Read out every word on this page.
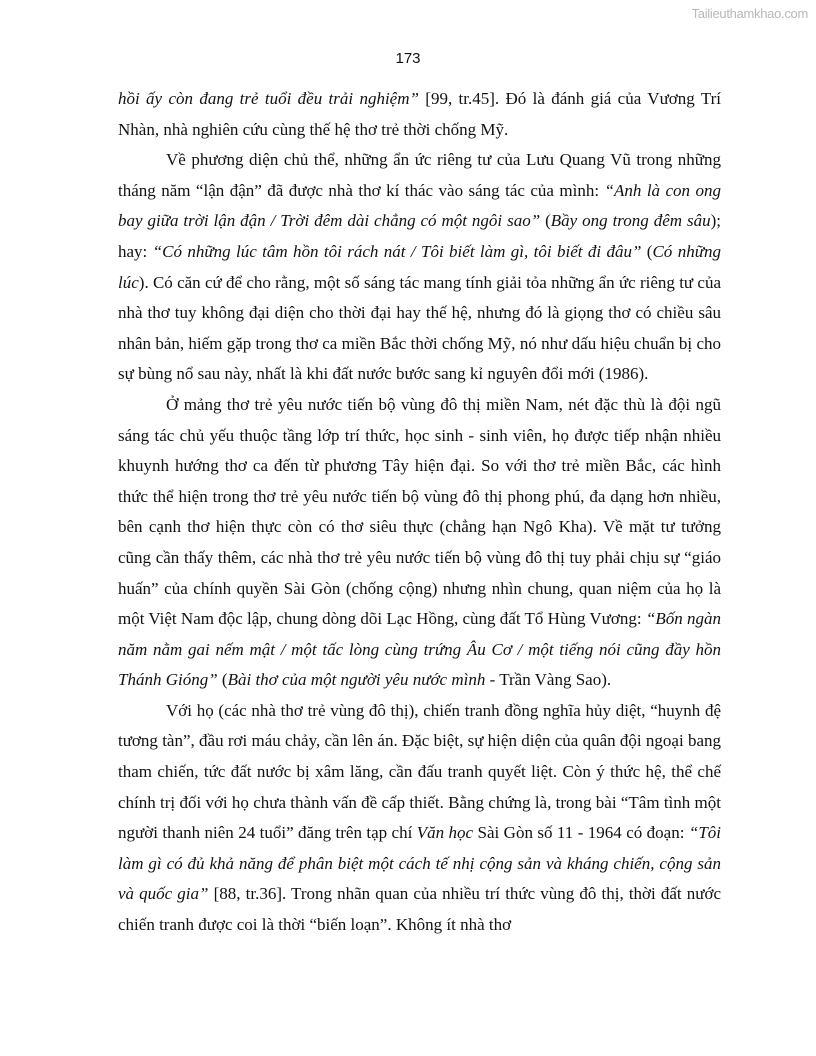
Tailieuthamkhao.com
173

hồi ấy còn đang trẻ tuổi đều trải nghiệm” [99, tr.45]. Đó là đánh giá của Vương Trí Nhàn, nhà nghiên cứu cùng thế hệ thơ trẻ thời chống Mỹ.

Về phương diện chủ thể, những ẩn ức riêng tư của Lưu Quang Vũ trong những tháng năm “lận đận” đã được nhà thơ kí thác vào sáng tác của mình: “Anh là con ong bay giữa trời lận đận / Trời đêm dài chẳng có một ngôi sao” (Bầy ong trong đêm sâu); hay: “Có những lúc tâm hồn tôi rách nát / Tôi biết làm gì, tôi biết đi đâu” (Có những lúc). Có căn cứ để cho rằng, một số sáng tác mang tính giải tỏa những ẩn ức riêng tư của nhà thơ tuy không đại diện cho thời đại hay thế hệ, nhưng đó là giọng thơ có chiều sâu nhân bản, hiếm gặp trong thơ ca miền Bắc thời chống Mỹ, nó như dấu hiệu chuẩn bị cho sự bùng nổ sau này, nhất là khi đất nước bước sang kỉ nguyên đổi mới (1986).

Ở mảng thơ trẻ yêu nước tiến bộ vùng đô thị miền Nam, nét đặc thù là đội ngũ sáng tác chủ yếu thuộc tầng lớp trí thức, học sinh - sinh viên, họ được tiếp nhận nhiều khuynh hướng thơ ca đến từ phương Tây hiện đại. So với thơ trẻ miền Bắc, các hình thức thể hiện trong thơ trẻ yêu nước tiến bộ vùng đô thị phong phú, đa dạng hơn nhiều, bên cạnh thơ hiện thực còn có thơ siêu thực (chẳng hạn Ngô Kha). Về mặt tư tưởng cũng cần thấy thêm, các nhà thơ trẻ yêu nước tiến bộ vùng đô thị tuy phải chịu sự “giáo huấn” của chính quyền Sài Gòn (chống cộng) nhưng nhìn chung, quan niệm của họ là một Việt Nam độc lập, chung dòng dõi Lạc Hồng, cùng đất Tổ Hùng Vương: “Bốn ngàn năm nằm gai nếm mật / một tấc lòng cùng trứng Âu Cơ / một tiếng nói cũng đầy hồn Thánh Gióng” (Bài thơ của một người yêu nước mình - Trần Vàng Sao).

Với họ (các nhà thơ trẻ vùng đô thị), chiến tranh đồng nghĩa hủy diệt, “huynh đệ tương tàn”, đầu rơi máu chảy, cần lên án. Đặc biệt, sự hiện diện của quân đội ngoại bang tham chiến, tức đất nước bị xâm lăng, cần đấu tranh quyết liệt. Còn ý thức hệ, thể chế chính trị đối với họ chưa thành vấn đề cấp thiết. Bằng chứng là, trong bài “Tâm tình một người thanh niên 24 tuổi” đăng trên tạp chí Văn học Sài Gòn số 11 - 1964 có đoạn: “Tôi làm gì có đủ khả năng để phân biệt một cách tế nhị cộng sản và kháng chiến, cộng sản và quốc gia” [88, tr.36]. Trong nhãn quan của nhiều trí thức vùng đô thị, thời đất nước chiến tranh được coi là thời “biến loạn”. Không ít nhà thơ
